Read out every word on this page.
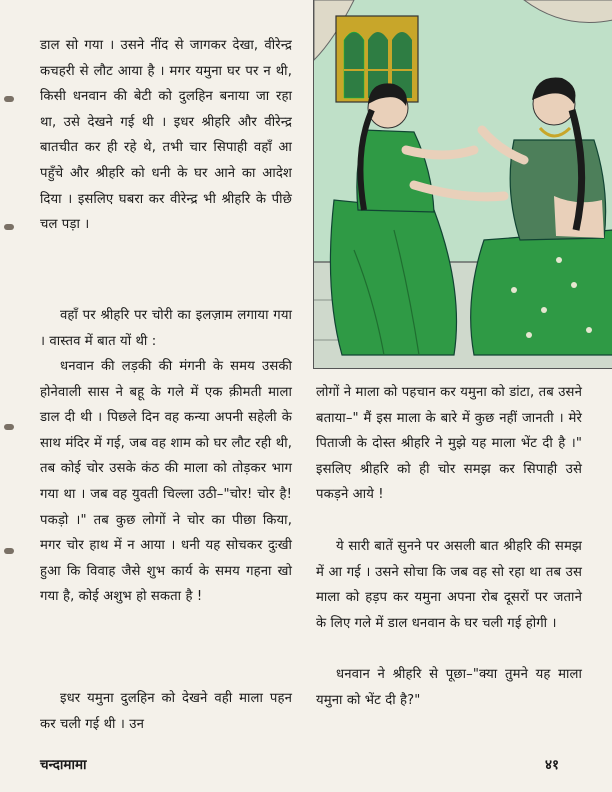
डाल सो गया । उसने नींद से जागकर देखा, वीरेन्द्र कचहरी से लौट आया है । मगर यमुना घर पर न थी, किसी धनवान की बेटी को दुलहिन बनाया जा रहा था, उसे देखने गई थी । इधर श्रीहरि और वीरेन्द्र बातचीत कर ही रहे थे, तभी चार सिपाही वहाँ आ पहुँचे और श्रीहरि को धनी के घर आने का आदेश दिया । इसलिए घबरा कर वीरेन्द्र भी श्रीहरि के पीछे चल पड़ा ।

वहाँ पर श्रीहरि पर चोरी का इलज़ाम लगाया गया । वास्तव में बात यों थी :

धनवान की लड़की की मंगनी के समय उसकी होनेवाली सास ने बहू के गले में एक क़ीमती माला डाल दी थी । पिछले दिन वह कन्या अपनी सहेली के साथ मंदिर में गई, जब वह शाम को घर लौट रही थी, तब कोई चोर उसके कंठ की माला को तोड़कर भाग गया था । जब वह युवती चिल्ला उठी–"चोर! चोर है! पकड़ो ।" तब कुछ लोगों ने चोर का पीछा किया, मगर चोर हाथ में न आया । धनी यह सोचकर दुःखी हुआ कि विवाह जैसे शुभ कार्य के समय गहना खो गया है, कोई अशुभ हो सकता है !

इधर यमुना दुलहिन को देखने वही माला पहन कर चली गई थी । उन

लोगों ने माला को पहचान कर यमुना को डांटा, तब उसने बताया–" मैं इस माला के बारे में कुछ नहीं जानती । मेरे पिताजी के दोस्त श्रीहरि ने मुझे यह माला भेंट दी है ।" इसलिए श्रीहरि को ही चोर समझ कर सिपाही उसे पकड़ने आये !

ये सारी बातें सुनने पर असली बात श्रीहरि की समझ में आ गई । उसने सोचा कि जब वह सो रहा था तब उस माला को हड़प कर यमुना अपना रोब दूसरों पर जताने के लिए गले में डाल धनवान के घर चली गई होगी ।

धनवान ने श्रीहरि से पूछा–"क्या तुमने यह माला यमुना को भेंट दी है?"

चन्दामामा	४१
